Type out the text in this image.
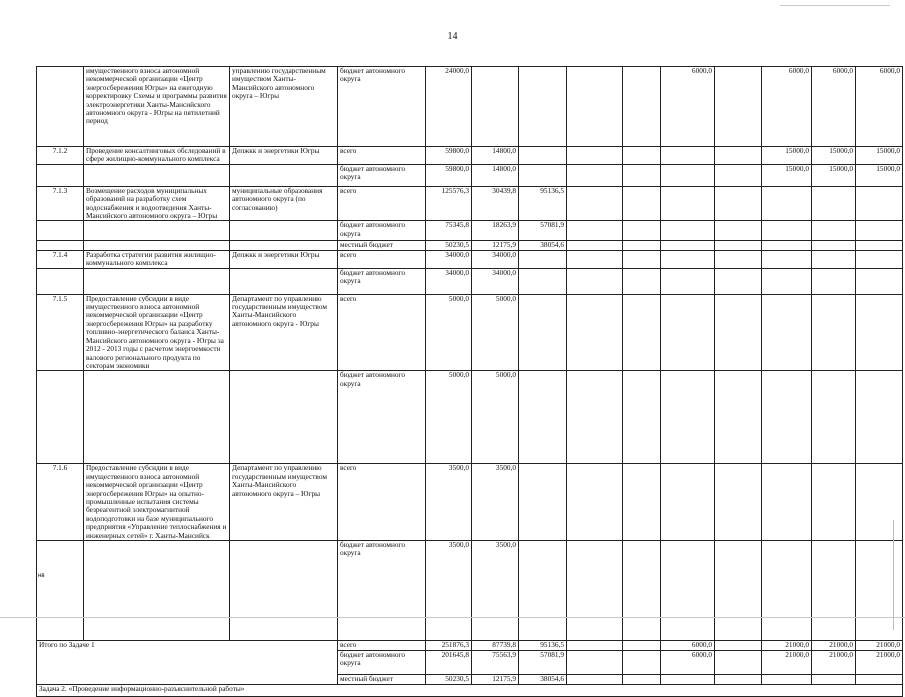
14
	имущественного взноса автономной некоммерческой организации «Центр энергосбережения Югры» на ежегодную корректировку Схемы и программы развития электроэнергетики Ханты-Мансийского автономного округа - Югры на пятилетний период	управлению государственным имуществом Ханты-Мансийского автономного округа – Югры	бюджет автономного округа	24000,0					6000,0		6000,0	6000,0	6000,0
7.1.2	Проведение консалтинговых обследований в сфере жилищно-коммунального комплекса	Депжкк и энергетики Югры	всего	59800,0	14800,0						15000,0	15000,0	15000,0
			бюджет автономного округа	59800,0	14800,0						15000,0	15000,0	15000,0
7.1.3	Возмещение расходов муниципальных образований на разработку схем водоснабжения и водоотведения Ханты-Мансийского автономного округа – Югры	муниципальные образования автономного округа (по согласованию)	всего	125576,3	30439,8	95136,5							
			бюджет автономного округа	75345,8	18263,9	57081,9							
			местный бюджет	50230,5	12175,9	38054,6							
7.1.4	Разработка стратегии развития жилищно-коммунального комплекса	Депжкк и энергетики Югры	всего	34000,0	34000,0								
			бюджет автономного округа	34000,0	34000,0								
7.1.5	Предоставление субсидии в виде имущественного взноса автономной некоммерческой организации «Центр энергосбережения Югры» на разработку топливно-энергетического баланса Ханты-Мансийского автономного округа - Югры за 2012 - 2013 годы с расчетом энергоемкости валового регионального продукта по секторам экономики	Департамент по управлению государственным имуществом Ханты-Мансийского автономного округа - Югры	всего	5000,0	5000,0								
			бюджет автономного округа	5000,0	5000,0								
7.1.6	Предоставление субсидии в виде имущественного взноса автономной некоммерческой организации «Центр энергосбережения Югры» на опытно-промышленные испытания системы безреагентной электромагнитной водоподготовки на базе муниципального предприятия «Управление теплоснабжения и инженерных сетей» г. Ханты-Мансийск	Департамент по управлению государственным имуществом Ханты-Мансийского автономного округа – Югры	всего	3500,0	3500,0								
			бюджет автономного округа	3500,0	3500,0								
Итого по Задаче 1			всего	251876,3	87739,8	95136,5			6000,0		21000,0	21000,0	21000,0
			бюджет автономного округа	201645,8	75563,9	57081,9			6000,0		21000,0	21000,0	21000,0
			местный бюджет	50230,5	12175,9	38054,6							
Задача 2. «Проведение информационно-разъяснительной работы»													
нв
